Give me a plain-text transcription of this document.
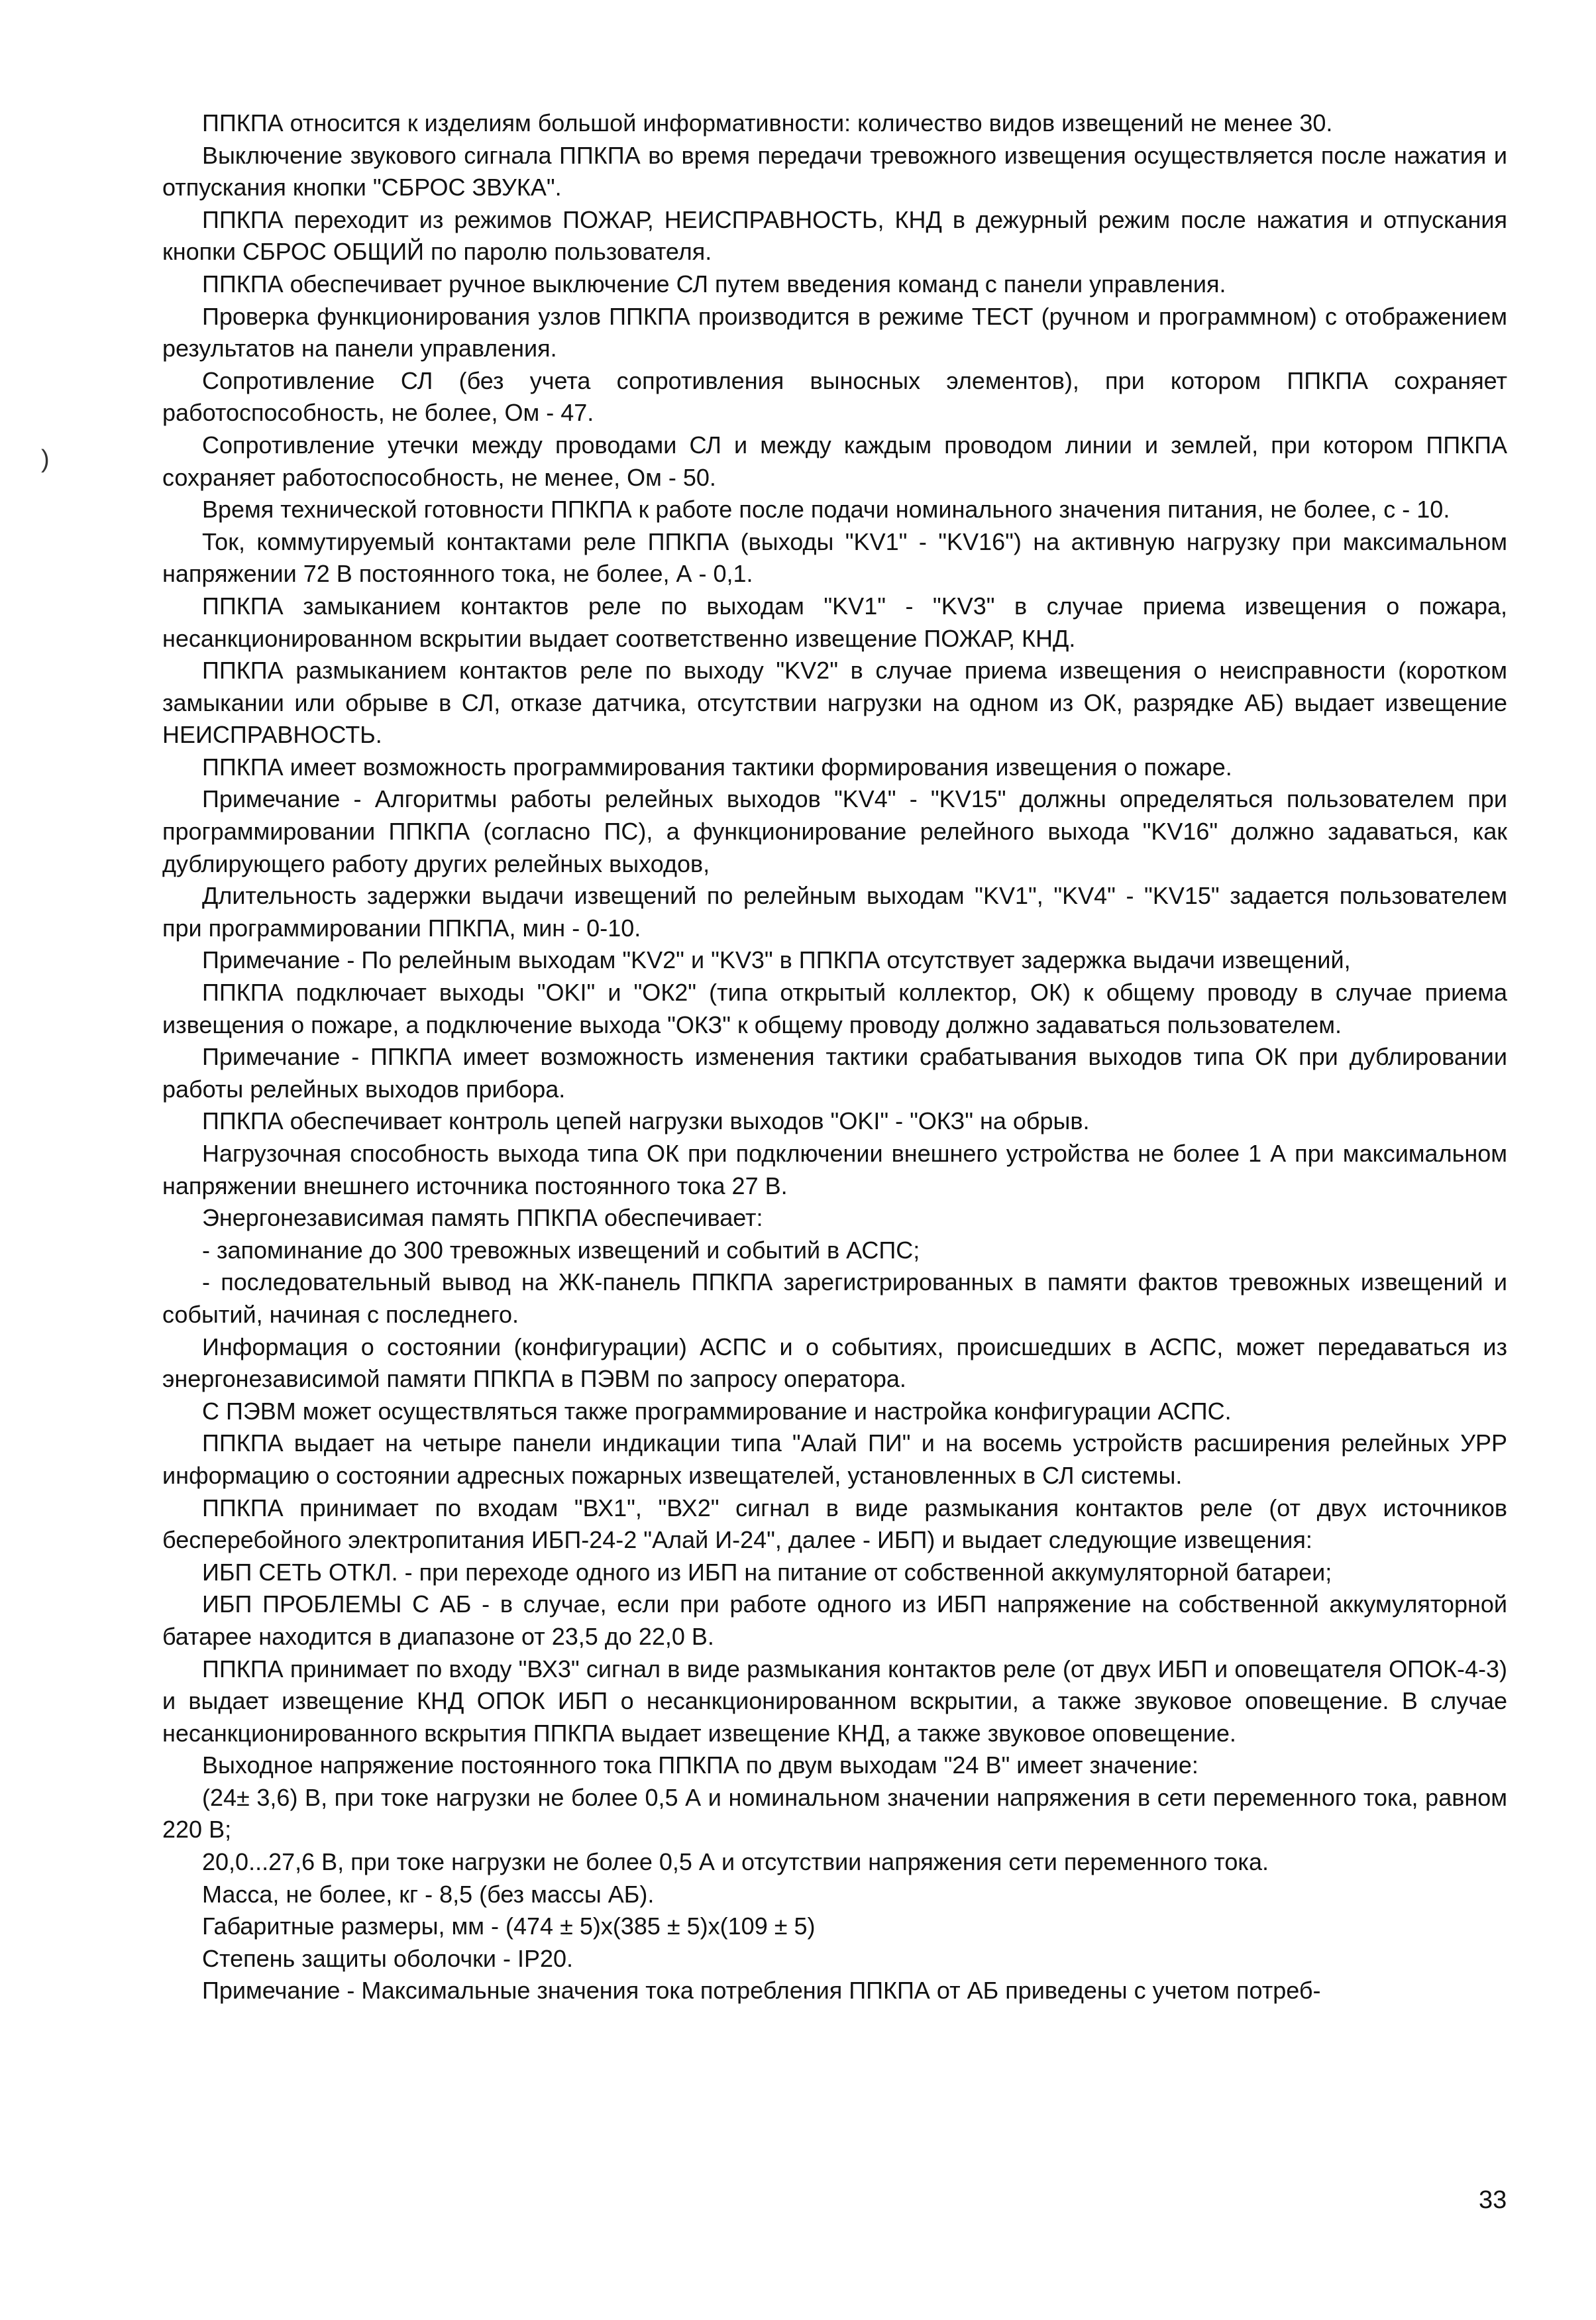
ППКПА относится к изделиям большой информативности: количество видов извещений не менее 30.

Выключение звукового сигнала ППКПА во время передачи тревожного извещения осуществляется после нажатия и отпускания кнопки "СБРОС ЗВУКА".

ППКПА переходит из режимов ПОЖАР, НЕИСПРАВНОСТЬ, КНД в дежурный режим после нажатия и отпускания кнопки СБРОС ОБЩИЙ по паролю пользователя.

ППКПА обеспечивает ручное выключение СЛ путем введения команд с панели управления.

Проверка функционирования узлов ППКПА производится в режиме ТЕСТ (ручном и программном) с отображением результатов на панели управления.

Сопротивление СЛ (без учета сопротивления выносных элементов), при котором ППКПА сохраняет работоспособность, не более, Ом - 47.

Сопротивление утечки между проводами СЛ и между каждым проводом линии и землей, при котором ППКПА сохраняет работоспособность, не менее, Ом - 50.

Время технической готовности ППКПА к работе после подачи номинального значения питания, не более, с - 10.

Ток, коммутируемый контактами реле ППКПА (выходы "KV1" - "KV16") на активную нагрузку при максимальном напряжении 72 В постоянного тока, не более, А - 0,1.

ППКПА замыканием контактов реле по выходам "KV1" - "KV3" в случае приема извещения о пожара, несанкционированном вскрытии выдает соответственно извещение ПОЖАР, КНД.

ППКПА размыканием контактов реле по выходу "KV2" в случае приема извещения о неисправности (коротком замыкании или обрыве в СЛ, отказе датчика, отсутствии нагрузки на одном из ОК, разрядке АБ) выдает извещение НЕИСПРАВНОСТЬ.

ППКПА имеет возможность программирования тактики формирования извещения о пожаре.

Примечание - Алгоритмы работы релейных выходов "KV4" - "KV15" должны определяться пользователем при программировании ППКПА (согласно ПС), а функционирование релейного выхода "KV16" должно задаваться, как дублирующего работу других релейных выходов,

Длительность задержки выдачи извещений по релейным выходам "KV1", "KV4" - "KV15" задается пользователем при программировании ППКПА, мин - 0-10.

Примечание - По релейным выходам "KV2" и "KV3" в ППКПА отсутствует задержка выдачи извещений,

ППКПА подключает выходы "OKI" и "ОК2" (типа открытый коллектор, ОК) к общему проводу в случае приема извещения о пожаре, а подключение выхода "ОКЗ" к общему проводу должно задаваться пользователем.

Примечание - ППКПА имеет возможность изменения тактики срабатывания выходов типа ОК при дублировании работы релейных выходов прибора.

ППКПА обеспечивает контроль цепей нагрузки выходов "OKI" - "ОКЗ" на обрыв.

Нагрузочная способность выхода типа ОК при подключении внешнего устройства не более 1 А при максимальном напряжении внешнего источника постоянного тока 27 В.

Энергонезависимая память ППКПА обеспечивает:

- запоминание до 300 тревожных извещений и событий в АСПС;

- последовательный вывод на ЖК-панель ППКПА зарегистрированных в памяти фактов тревожных извещений и событий, начиная с последнего.

Информация о состоянии (конфигурации) АСПС и о событиях, происшедших в АСПС, может передаваться из энергонезависимой памяти ППКПА в ПЭВМ по запросу оператора.

С ПЭВМ может осуществляться также программирование и настройка конфигурации АСПС.

ППКПА выдает на четыре панели индикации типа "Алай ПИ" и на восемь устройств расширения релейных УРР информацию о состоянии адресных пожарных извещателей, установленных в СЛ системы.

ППКПА принимает по входам "ВХ1", "ВХ2" сигнал в виде размыкания контактов реле (от двух источников бесперебойного электропитания ИБП-24-2 "Алай И-24", далее - ИБП) и выдает следующие извещения:

ИБП СЕТЬ ОТКЛ. - при переходе одного из ИБП на питание от собственной аккумуляторной батареи;

ИБП ПРОБЛЕМЫ С АБ - в случае, если при работе одного из ИБП напряжение на собственной аккумуляторной батарее находится в диапазоне от 23,5 до 22,0 В.

ППКПА принимает по входу "ВХ3" сигнал в виде размыкания контактов реле (от двух ИБП и оповещателя ОПОК-4-3) и выдает извещение КНД ОПОК ИБП о несанкционированном вскрытии, а также звуковое оповещение. В случае несанкционированного вскрытия ППКПА выдает извещение КНД, а также звуковое оповещение.

Выходное напряжение постоянного тока ППКПА по двум выходам "24 В" имеет значение:

(24± 3,6) В, при токе нагрузки не более 0,5 А и номинальном значении напряжения в сети переменного тока, равном 220 В;

20,0...27,6 В, при токе нагрузки не более 0,5 А и отсутствии напряжения сети переменного тока.

Масса, не более, кг - 8,5 (без массы АБ).

Габаритные размеры, мм - (474 ± 5)х(385 ± 5)х(109 ± 5)

Степень защиты оболочки - IP20.

Примечание - Максимальные значения тока потребления ППКПА от АБ приведены с учетом потреб-

)
33
